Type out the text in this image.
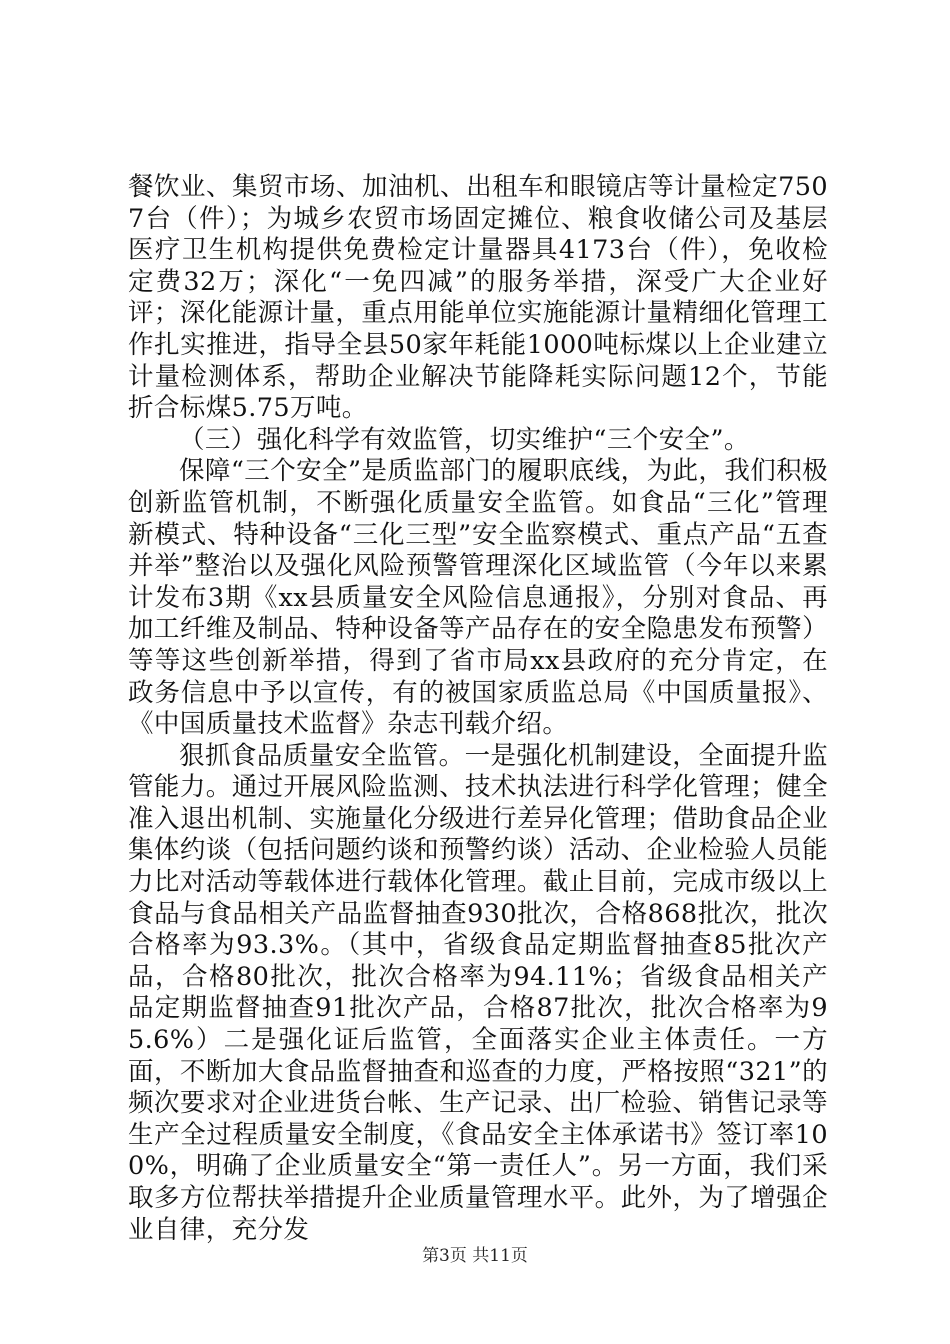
餐饮业、集贸市场、加油机、出租车和眼镜店等计量检定7507台（件）；为城乡农贸市场固定摊位、粮食收储公司及基层医疗卫生机构提供免费检定计量器具4173台（件），免收检定费32万；深化“一免四减”的服务举措，深受广大企业好评；深化能源计量，重点用能单位实施能源计量精细化管理工作扎实推进，指导全县50家年耗能1000吨标煤以上企业建立计量检测体系，帮助企业解决节能降耗实际问题12个，节能折合标煤5.75万吨。

（三）强化科学有效监管，切实维护“三个安全”。

保障“三个安全”是质监部门的履职底线，为此，我们积极创新监管机制，不断强化质量安全监管。如食品“三化”管理新模式、特种设备“三化三型”安全监察模式、重点产品“五查并举”整治以及强化风险预警管理深化区域监管（今年以来累计发布3期《xx县质量安全风险信息通报》，分别对食品、再加工纤维及制品、特种设备等产品存在的安全隐患发布预警）等等这些创新举措，得到了省市局xx县政府的充分肯定，在政务信息中予以宣传，有的被国家质监总局《中国质量报》、《中国质量技术监督》杂志刊载介绍。

狠抓食品质量安全监管。一是强化机制建设，全面提升监管能力。通过开展风险监测、技术执法进行科学化管理；健全准入退出机制、实施量化分级进行差异化管理；借助食品企业集体约谈（包括问题约谈和预警约谈）活动、企业检验人员能力比对活动等载体进行载体化管理。截止目前，完成市级以上食品与食品相关产品监督抽查930批次，合格868批次，批次合格率为93.3%。（其中，省级食品定期监督抽查85批次产品，合格80批次，批次合格率为94.11%；省级食品相关产品定期监督抽查91批次产品，合格87批次，批次合格率为95.6%）二是强化证后监管，全面落实企业主体责任。一方面，不断加大食品监督抽查和巡查的力度，严格按照“321”的频次要求对企业进货台帐、生产记录、出厂检验、销售记录等生产全过程质量安全制度，《食品安全主体承诺书》签订率100%，明确了企业质量安全“第一责任人”。另一方面，我们采取多方位帮扶举措提升企业质量管理水平。此外，为了增强企业自律，充分发

第3页 共11页
